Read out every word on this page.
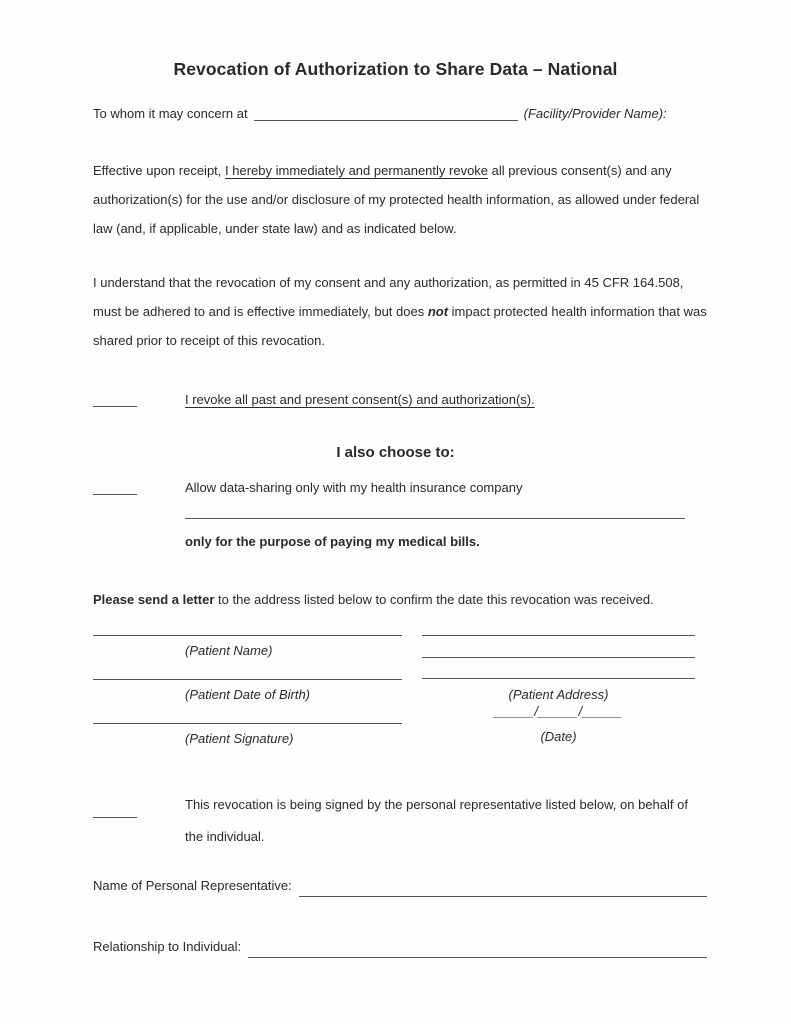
Revocation of Authorization to Share Data – National
To whom it may concern at	(Facility/Provider Name):

Effective upon receipt, I hereby immediately and permanently revoke all previous consent(s) and any authorization(s) for the use and/or disclosure of my protected health information, as allowed under federal law (and, if applicable, under state law) and as indicated below.

I understand that the revocation of my consent and any authorization, as permitted in 45 CFR 164.508, must be adhered to and is effective immediately, but does not impact protected health information that was shared prior to receipt of this revocation.

I revoke all past and present consent(s) and authorization(s).
I also choose to:
Allow data-sharing only with my health insurance company
only for the purpose of paying my medical bills.
Please send a letter to the address listed below to confirm the date this revocation was received.
(Patient Name)
(Patient Date of Birth)
(Patient Signature)
(Patient Address)
_____/_____/_____
(Date)
This revocation is being signed by the personal representative listed below, on behalf of the individual.
Name of Personal Representative:
Relationship to Individual:
